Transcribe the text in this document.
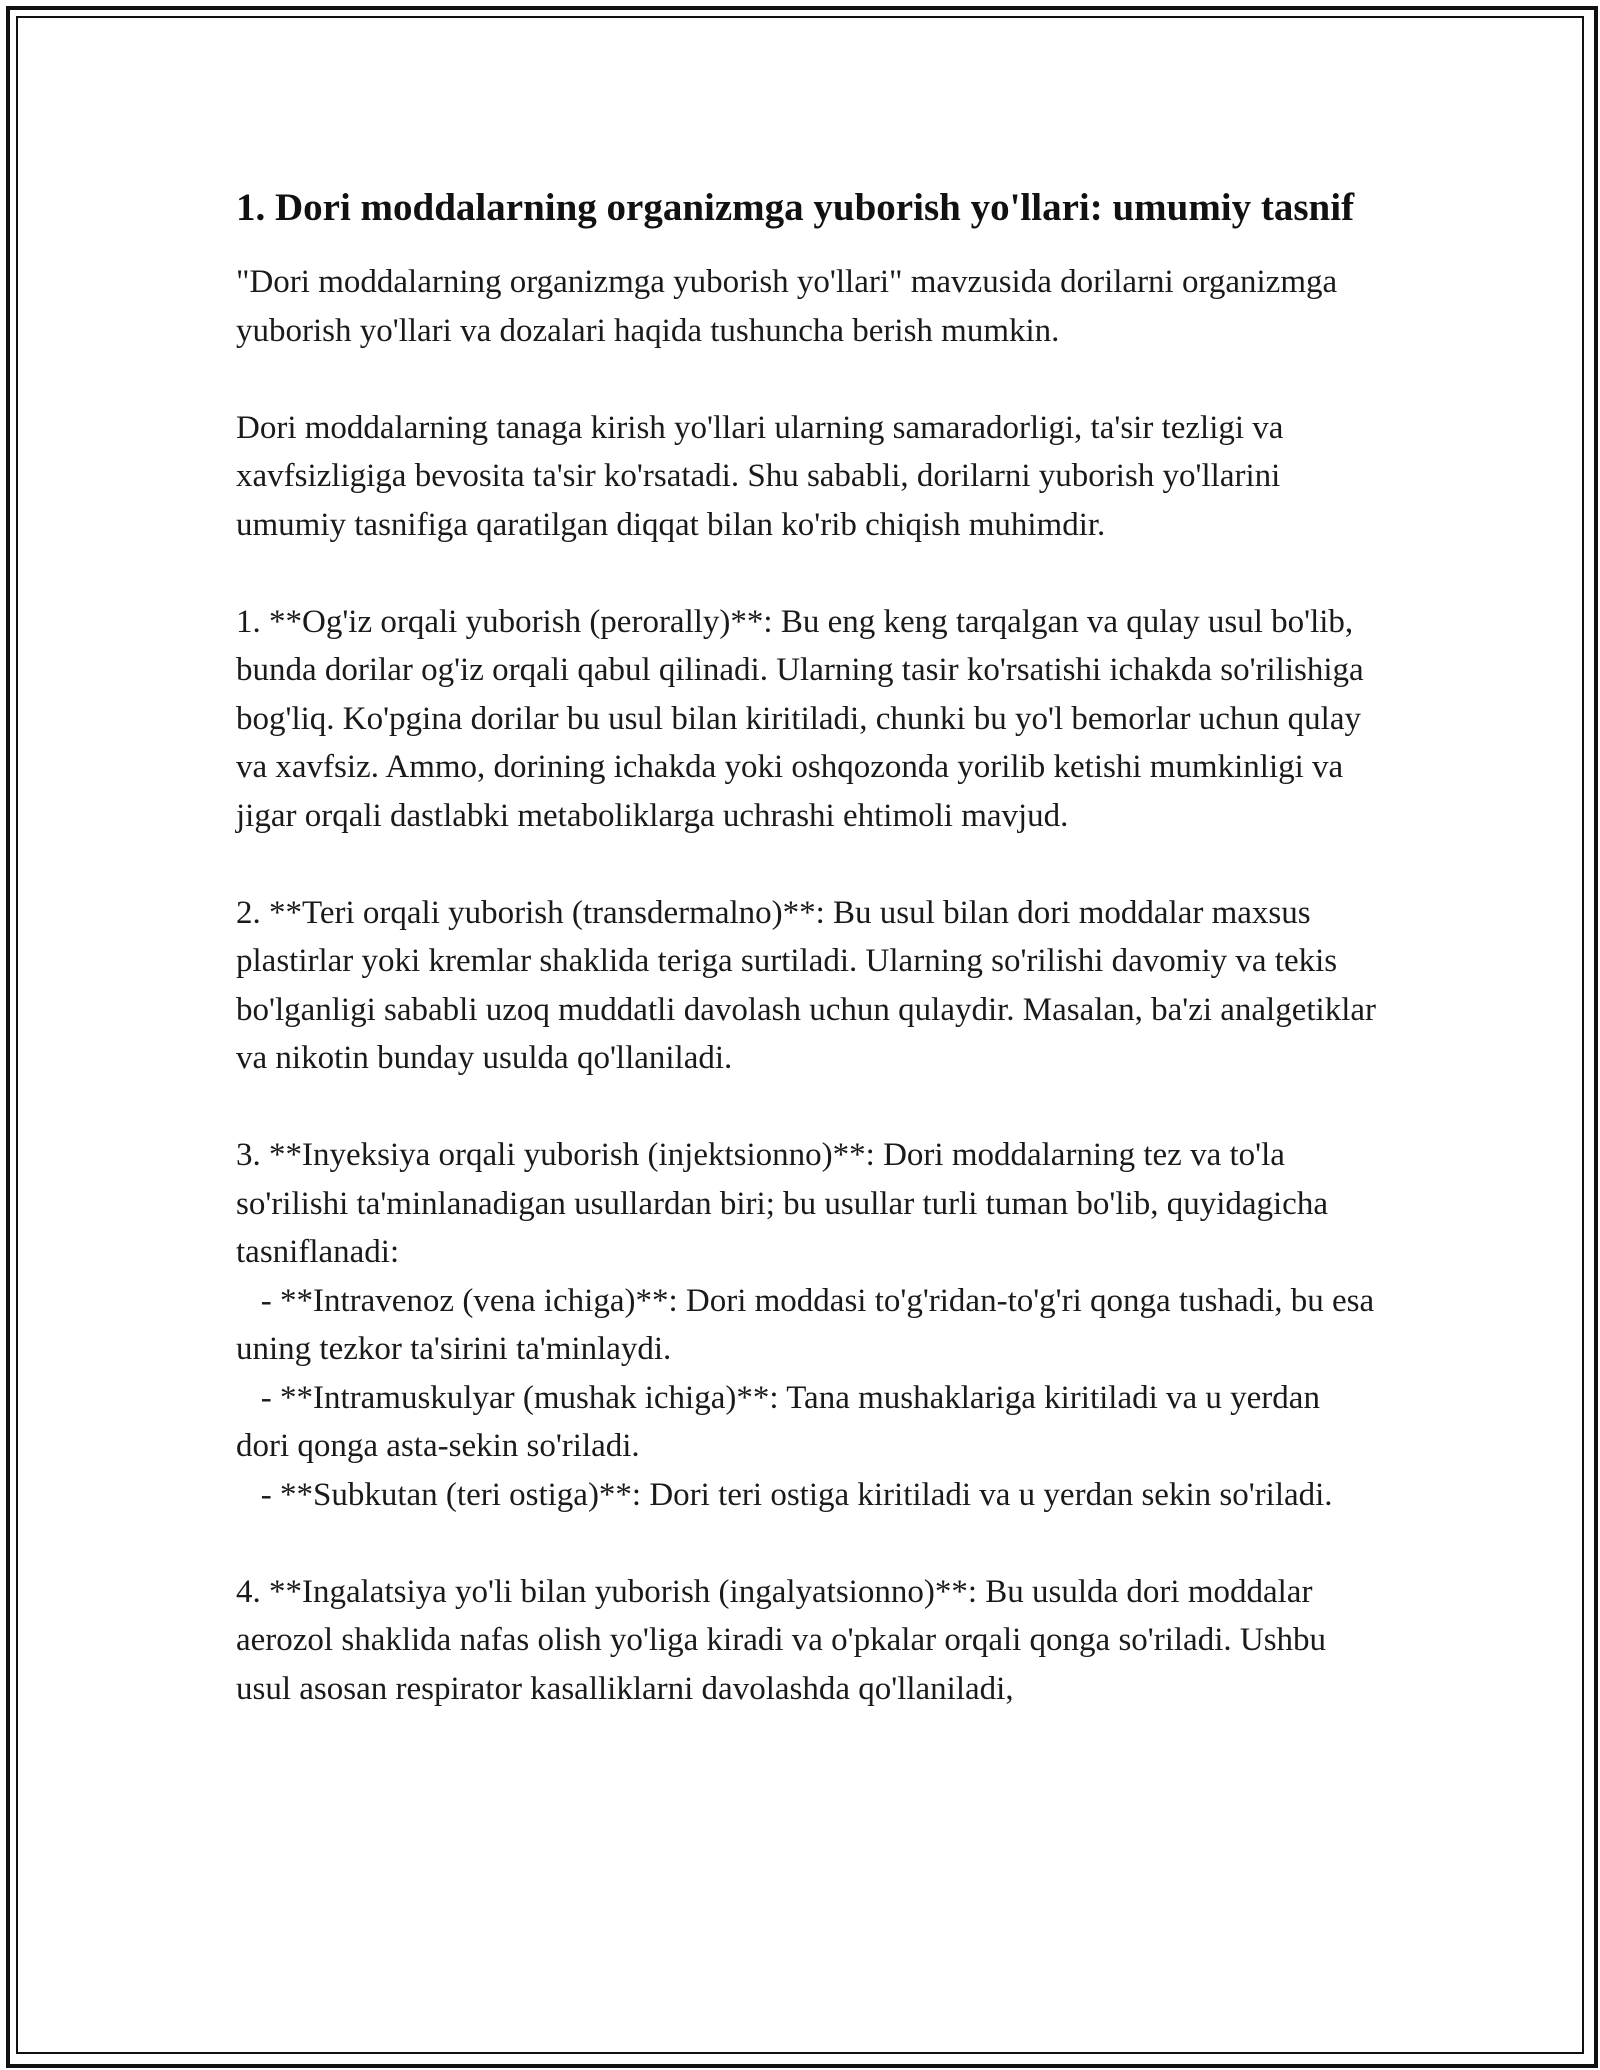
1. Dori moddalarning organizmga yuborish yo'llari: umumiy tasnif

"Dori moddalarning organizmga yuborish yo'llari" mavzusida dorilarni organizmga yuborish yo'llari va dozalari haqida tushuncha berish mumkin.

Dori moddalarning tanaga kirish yo'llari ularning samaradorligi, ta'sir tezligi va xavfsizligiga bevosita ta'sir ko'rsatadi. Shu sababli, dorilarni yuborish yo'llarini umumiy tasnifiga qaratilgan diqqat bilan ko'rib chiqish muhimdir.

1. **Og'iz orqali yuborish (perorally)**: Bu eng keng tarqalgan va qulay usul bo'lib, bunda dorilar og'iz orqali qabul qilinadi. Ularning tasir ko'rsatishi ichakda so'rilishiga bog'liq. Ko'pgina dorilar bu usul bilan kiritiladi, chunki bu yo'l bemorlar uchun qulay va xavfsiz. Ammo, dorining ichakda yoki oshqozonda yorilib ketishi mumkinligi va jigar orqali dastlabki metaboliklarga uchrashi ehtimoli mavjud.

2. **Teri orqali yuborish (transdermalno)**: Bu usul bilan dori moddalar maxsus plastirlar yoki kremlar shaklida teriga surtiladi. Ularning so'rilishi davomiy va tekis bo'lganligi sababli uzoq muddatli davolash uchun qulaydir. Masalan, ba'zi analgetiklar va nikotin bunday usulda qo'llaniladi.

3. **Inyeksiya orqali yuborish (injektsionno)**: Dori moddalarning tez va to'la so'rilishi ta'minlanadigan usullardan biri; bu usullar turli tuman bo'lib, quyidagicha tasniflanadi:
- **Intravenoz (vena ichiga)**: Dori moddasi to'g'ridan-to'g'ri qonga tushadi, bu esa uning tezkor ta'sirini ta'minlaydi.
- **Intramuskulyar (mushak ichiga)**: Tana mushaklariga kiritiladi va u yerdan dori qonga asta-sekin so'riladi.
- **Subkutan (teri ostiga)**: Dori teri ostiga kiritiladi va u yerdan sekin so'riladi.

4. **Ingalatsiya yo'li bilan yuborish (ingalyatsionno)**: Bu usulda dori moddalar aerozol shaklida nafas olish yo'liga kiradi va o'pkalar orqali qonga so'riladi. Ushbu usul asosan respirator kasalliklarni davolashda qo'llaniladi,
